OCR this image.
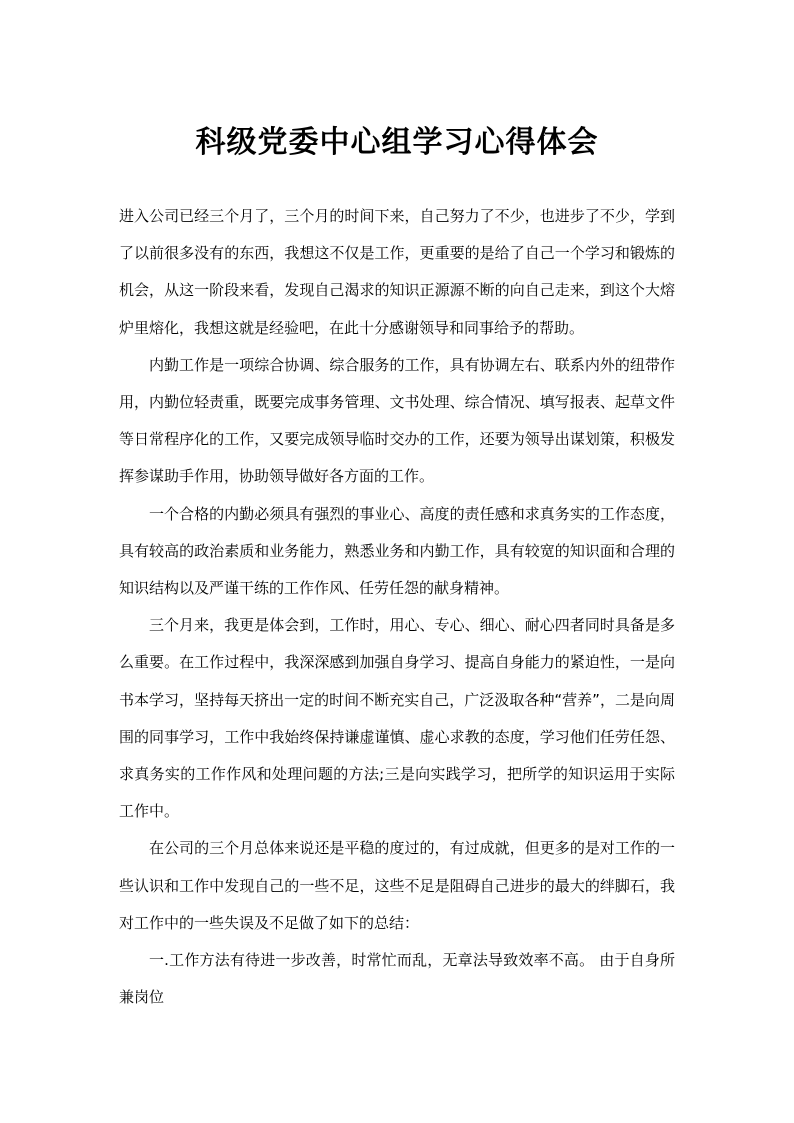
科级党委中心组学习心得体会

进入公司已经三个月了，三个月的时间下来，自己努力了不少，也进步了不少，学到了以前很多没有的东西，我想这不仅是工作，更重要的是给了自己一个学习和锻炼的机会，从这一阶段来看，发现自己渴求的知识正源源不断的向自己走来，到这个大熔炉里熔化，我想这就是经验吧，在此十分感谢领导和同事给予的帮助。

内勤工作是一项综合协调、综合服务的工作，具有协调左右、联系内外的纽带作用，内勤位轻责重，既要完成事务管理、文书处理、综合情况、填写报表、起草文件等日常程序化的工作，又要完成领导临时交办的工作，还要为领导出谋划策，积极发挥参谋助手作用，协助领导做好各方面的工作。

一个合格的内勤必须具有强烈的事业心、高度的责任感和求真务实的工作态度，具有较高的政治素质和业务能力，熟悉业务和内勤工作，具有较宽的知识面和合理的知识结构以及严谨干练的工作作风、任劳任怨的献身精神。

三个月来，我更是体会到，工作时，用心、专心、细心、耐心四者同时具备是多么重要。在工作过程中，我深深感到加强自身学习、提高自身能力的紧迫性，一是向书本学习，坚持每天挤出一定的时间不断充实自己，广泛汲取各种“营养”，二是向周围的同事学习，工作中我始终保持谦虚谨慎、虚心求教的态度，学习他们任劳任怨、求真务实的工作作风和处理问题的方法;三是向实践学习，把所学的知识运用于实际工作中。

在公司的三个月总体来说还是平稳的度过的，有过成就，但更多的是对工作的一些认识和工作中发现自己的一些不足，这些不足是阻碍自己进步的最大的绊脚石，我对工作中的一些失误及不足做了如下的总结：

一.工作方法有待进一步改善，时常忙而乱，无章法导致效率不高。 由于自身所兼岗位
